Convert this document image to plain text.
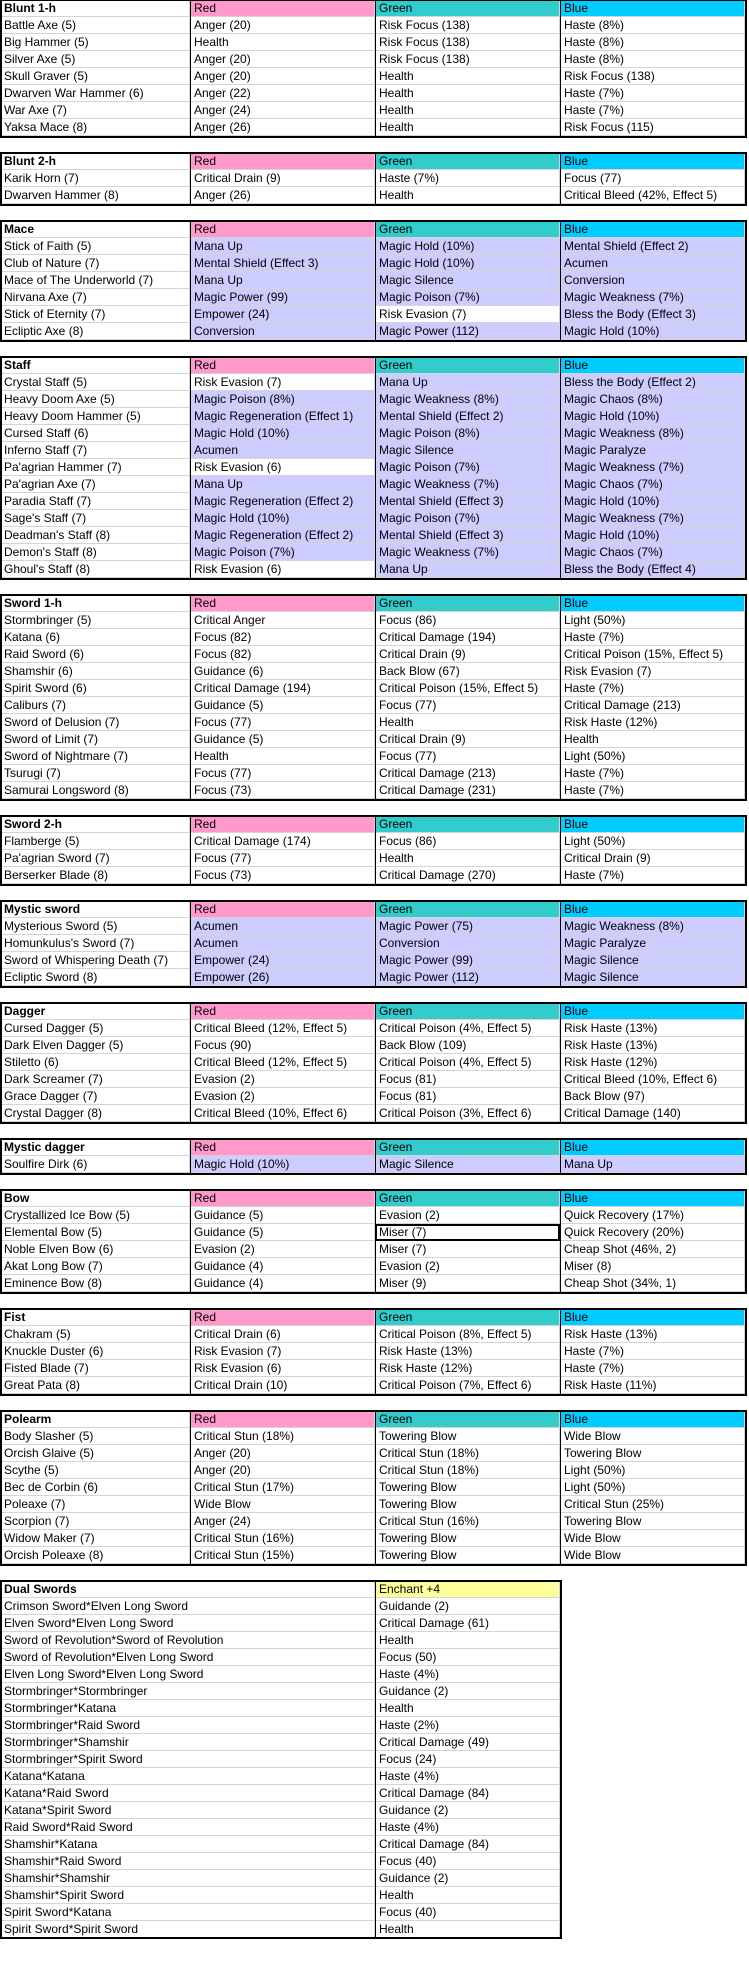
Blunt 1-h	Red	Green	Blue
Battle Axe (5)	Anger (20)	Risk Focus (138)	Haste (8%)
Big Hammer (5)	Health	Risk Focus (138)	Haste (8%)
Silver Axe (5)	Anger (20)	Risk Focus (138)	Haste (8%)
Skull Graver (5)	Anger (20)	Health	Risk Focus (138)
Dwarven War Hammer (6)	Anger (22)	Health	Haste (7%)
War Axe (7)	Anger (24)	Health	Haste (7%)
Yaksa Mace (8)	Anger (26)	Health	Risk Focus (115)
Blunt 2-h	Red	Green	Blue
Karik Horn (7)	Critical Drain (9)	Haste (7%)	Focus (77)
Dwarven Hammer (8)	Anger (26)	Health	Critical Bleed (42%, Effect 5)
Mace	Red	Green	Blue
Stick of Faith (5)	Mana Up	Magic Hold (10%)	Mental Shield (Effect 2)
Club of Nature (7)	Mental Shield (Effect 3)	Magic Hold (10%)	Acumen
Mace of The Underworld (7)	Mana Up	Magic Silence	Conversion
Nirvana Axe (7)	Magic Power (99)	Magic Poison (7%)	Magic Weakness (7%)
Stick of Eternity (7)	Empower (24)	Risk Evasion (7)	Bless the Body (Effect 3)
Ecliptic Axe (8)	Conversion	Magic Power (112)	Magic Hold (10%)
Staff	Red	Green	Blue
Crystal Staff (5)	Risk Evasion (7)	Mana Up	Bless the Body (Effect 2)
Heavy Doom Axe (5)	Magic Poison (8%)	Magic Weakness (8%)	Magic Chaos (8%)
Heavy Doom Hammer (5)	Magic Regeneration (Effect 1)	Mental Shield (Effect 2)	Magic Hold (10%)
Cursed Staff (6)	Magic Hold (10%)	Magic Poison (8%)	Magic Weakness (8%)
Inferno Staff (7)	Acumen	Magic Silence	Magic Paralyze
Pa'agrian Hammer (7)	Risk Evasion (6)	Magic Poison (7%)	Magic Weakness (7%)
Pa'agrian Axe (7)	Mana Up	Magic Weakness (7%)	Magic Chaos (7%)
Paradia Staff (7)	Magic Regeneration (Effect 2)	Mental Shield (Effect 3)	Magic Hold (10%)
Sage's Staff (7)	Magic Hold (10%)	Magic Poison (7%)	Magic Weakness (7%)
Deadman's Staff (8)	Magic Regeneration (Effect 2)	Mental Shield (Effect 3)	Magic Hold (10%)
Demon's Staff (8)	Magic Poison (7%)	Magic Weakness (7%)	Magic Chaos (7%)
Ghoul's Staff (8)	Risk Evasion (6)	Mana Up	Bless the Body (Effect 4)
Sword 1-h	Red	Green	Blue
Stormbringer (5)	Critical Anger	Focus (86)	Light (50%)
Katana (6)	Focus (82)	Critical Damage (194)	Haste (7%)
Raid Sword (6)	Focus (82)	Critical Drain (9)	Critical Poison (15%, Effect 5)
Shamshir (6)	Guidance (6)	Back Blow (67)	Risk Evasion (7)
Spirit Sword (6)	Critical Damage (194)	Critical Poison (15%, Effect 5)	Haste (7%)
Caliburs (7)	Guidance (5)	Focus (77)	Critical Damage (213)
Sword of Delusion (7)	Focus (77)	Health	Risk Haste (12%)
Sword of Limit (7)	Guidance (5)	Critical Drain (9)	Health
Sword of Nightmare (7)	Health	Focus (77)	Light (50%)
Tsurugi (7)	Focus (77)	Critical Damage (213)	Haste (7%)
Samurai Longsword (8)	Focus (73)	Critical Damage (231)	Haste (7%)
Sword 2-h	Red	Green	Blue
Flamberge (5)	Critical Damage (174)	Focus (86)	Light (50%)
Pa'agrian Sword (7)	Focus (77)	Health	Critical Drain (9)
Berserker Blade (8)	Focus (73)	Critical Damage (270)	Haste (7%)
Mystic sword	Red	Green	Blue
Mysterious Sword (5)	Acumen	Magic Power (75)	Magic Weakness (8%)
Homunkulus's Sword (7)	Acumen	Conversion	Magic Paralyze
Sword of Whispering Death (7)	Empower (24)	Magic Power (99)	Magic Silence
Ecliptic Sword (8)	Empower (26)	Magic Power (112)	Magic Silence
Dagger	Red	Green	Blue
Cursed Dagger (5)	Critical Bleed (12%, Effect 5)	Critical Poison (4%, Effect 5)	Risk Haste (13%)
Dark Elven Dagger (5)	Focus (90)	Back Blow (109)	Risk Haste (13%)
Stiletto (6)	Critical Bleed (12%, Effect 5)	Critical Poison (4%, Effect 5)	Risk Haste (12%)
Dark Screamer (7)	Evasion (2)	Focus (81)	Critical Bleed (10%, Effect 6)
Grace Dagger (7)	Evasion (2)	Focus (81)	Back Blow (97)
Crystal Dagger (8)	Critical Bleed (10%, Effect 6)	Critical Poison (3%, Effect 6)	Critical Damage (140)
Mystic dagger	Red	Green	Blue
Soulfire Dirk (6)	Magic Hold (10%)	Magic Silence	Mana Up
Bow	Red	Green	Blue
Crystallized Ice Bow (5)	Guidance (5)	Evasion (2)	Quick Recovery (17%)
Elemental Bow (5)	Guidance (5)	Miser (7)	Quick Recovery (20%)
Noble Elven Bow (6)	Evasion (2)	Miser (7)	Cheap Shot (46%, 2)
Akat Long Bow (7)	Guidance (4)	Evasion (2)	Miser (8)
Eminence Bow (8)	Guidance (4)	Miser (9)	Cheap Shot (34%, 1)
Fist	Red	Green	Blue
Chakram (5)	Critical Drain (6)	Critical Poison (8%, Effect 5)	Risk Haste (13%)
Knuckle Duster (6)	Risk Evasion (7)	Risk Haste (13%)	Haste (7%)
Fisted Blade (7)	Risk Evasion (6)	Risk Haste (12%)	Haste (7%)
Great Pata (8)	Critical Drain (10)	Critical Poison (7%, Effect 6)	Risk Haste (11%)
Polearm	Red	Green	Blue
Body Slasher (5)	Critical Stun (18%)	Towering Blow	Wide Blow
Orcish Glaive (5)	Anger (20)	Critical Stun (18%)	Towering Blow
Scythe (5)	Anger (20)	Critical Stun (18%)	Light (50%)
Bec de Corbin (6)	Critical Stun (17%)	Towering Blow	Light (50%)
Poleaxe (7)	Wide Blow	Towering Blow	Critical Stun (25%)
Scorpion (7)	Anger (24)	Critical Stun (16%)	Towering Blow
Widow Maker (7)	Critical Stun (16%)	Towering Blow	Wide Blow
Orcish Poleaxe (8)	Critical Stun (15%)	Towering Blow	Wide Blow
Dual Swords	Enchant +4
Crimson Sword*Elven Long Sword	Guidande (2)
Elven Sword*Elven Long Sword	Critical Damage (61)
Sword of Revolution*Sword of Revolution	Health
Sword of Revolution*Elven Long Sword	Focus (50)
Elven Long Sword*Elven Long Sword	Haste (4%)
Stormbringer*Stormbringer	Guidance (2)
Stormbringer*Katana	Health
Stormbringer*Raid Sword	Haste (2%)
Stormbringer*Shamshir	Critical Damage (49)
Stormbringer*Spirit Sword	Focus (24)
Katana*Katana	Haste (4%)
Katana*Raid Sword	Critical Damage (84)
Katana*Spirit Sword	Guidance (2)
Raid Sword*Raid Sword	Haste (4%)
Shamshir*Katana	Critical Damage (84)
Shamshir*Raid Sword	Focus (40)
Shamshir*Shamshir	Guidance (2)
Shamshir*Spirit Sword	Health
Spirit Sword*Katana	Focus (40)
Spirit Sword*Spirit Sword	Health
